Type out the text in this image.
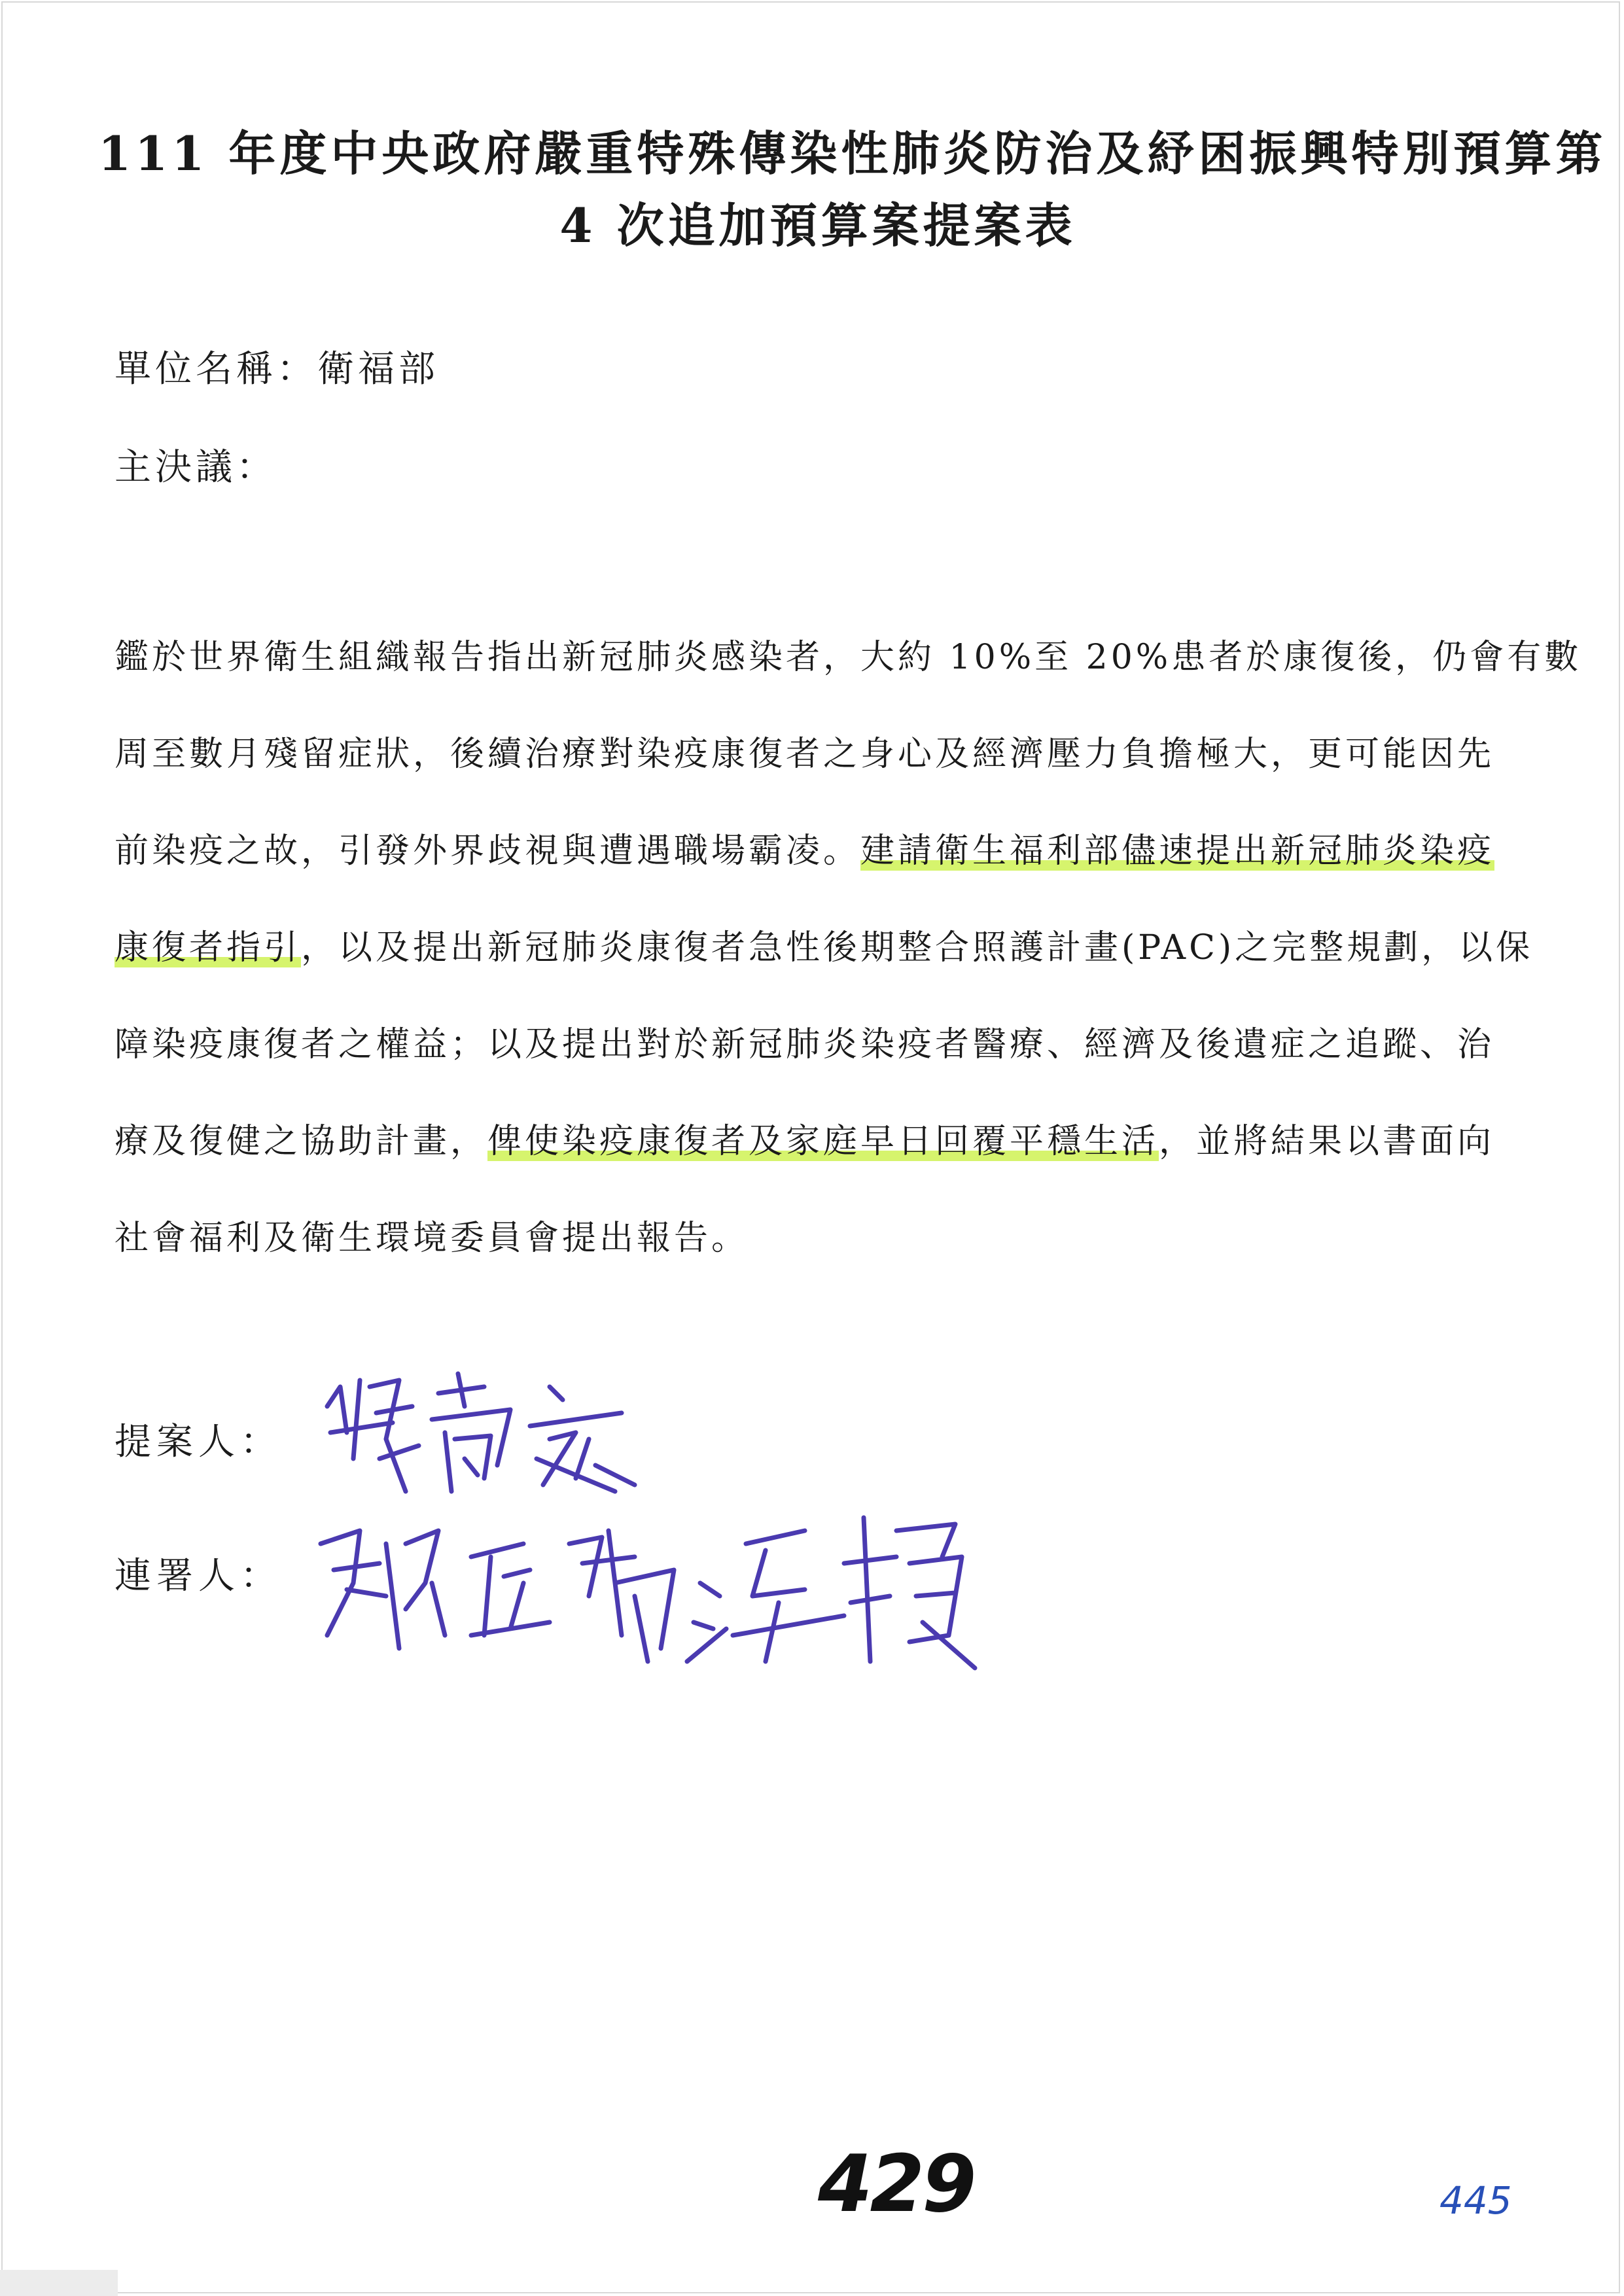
111 年度中央政府嚴重特殊傳染性肺炎防治及紓困振興特別預算第
4 次追加預算案提案表
單位名稱：衛福部
主決議：
鑑於世界衛生組織報告指出新冠肺炎感染者，大約 10%至 20%患者於康復後，仍會有數
周至數月殘留症狀，後續治療對染疫康復者之身心及經濟壓力負擔極大，更可能因先
前染疫之故，引發外界歧視與遭遇職場霸凌。建請衛生福利部儘速提出新冠肺炎染疫
康復者指引，以及提出新冠肺炎康復者急性後期整合照護計畫(PAC)之完整規劃，以保
障染疫康復者之權益；以及提出對於新冠肺炎染疫者醫療、經濟及後遺症之追蹤、治
療及復健之協助計畫，俾使染疫康復者及家庭早日回覆平穩生活，並將結果以書面向
社會福利及衛生環境委員會提出報告。
提案人：
連署人：
429	445
